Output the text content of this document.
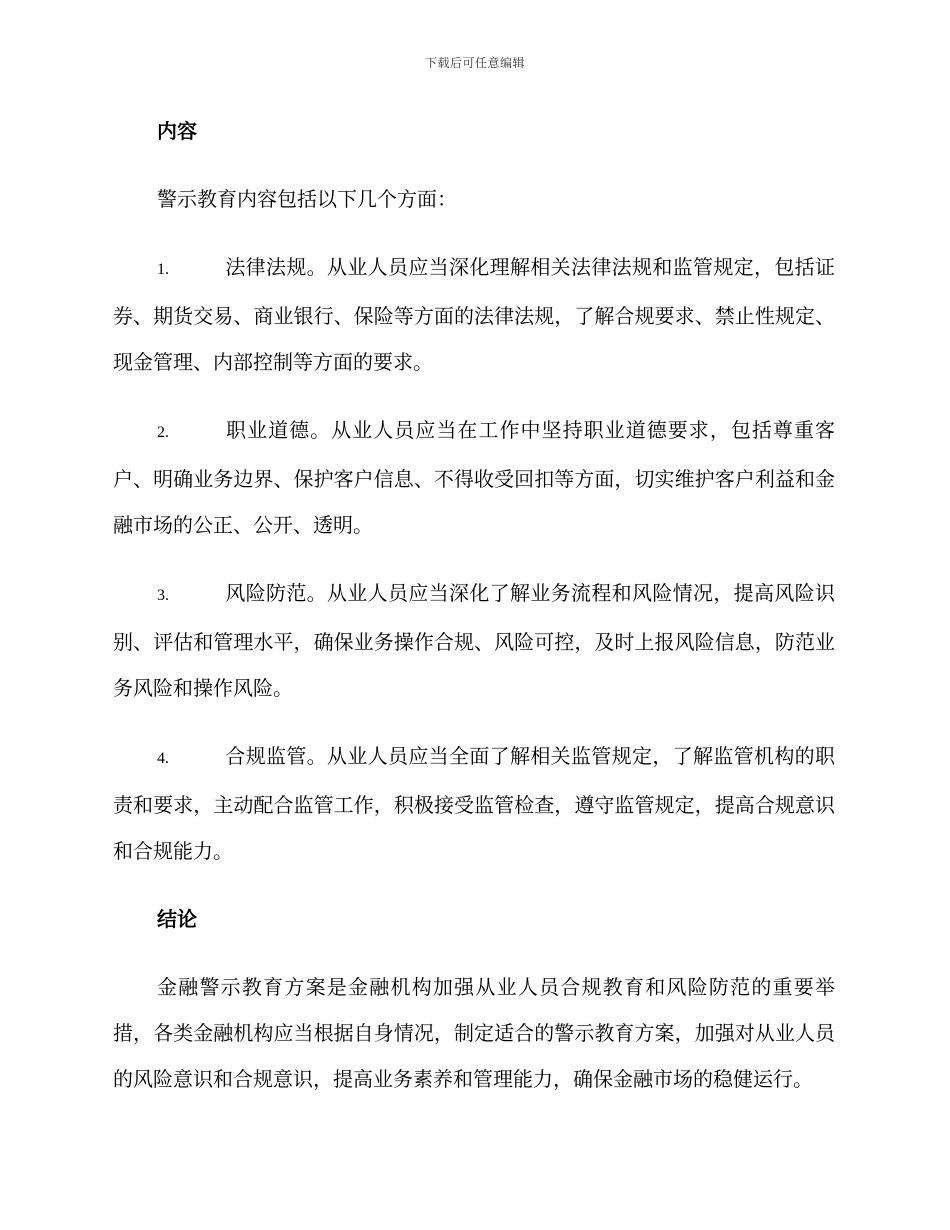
下载后可任意编辑
内容

警示教育内容包括以下几个方面：

1.	法律法规。从业人员应当深化理解相关法律法规和监管规定，包括证券、期货交易、商业银行、保险等方面的法律法规，了解合规要求、禁止性规定、现金管理、内部控制等方面的要求。

2.	职业道德。从业人员应当在工作中坚持职业道德要求，包括尊重客户、明确业务边界、保护客户信息、不得收受回扣等方面，切实维护客户利益和金融市场的公正、公开、透明。

3.	风险防范。从业人员应当深化了解业务流程和风险情况，提高风险识别、评估和管理水平，确保业务操作合规、风险可控，及时上报风险信息，防范业务风险和操作风险。

4.	合规监管。从业人员应当全面了解相关监管规定，了解监管机构的职责和要求，主动配合监管工作，积极接受监管检查，遵守监管规定，提高合规意识和合规能力。

结论

金融警示教育方案是金融机构加强从业人员合规教育和风险防范的重要举措，各类金融机构应当根据自身情况，制定适合的警示教育方案，加强对从业人员的风险意识和合规意识，提高业务素养和管理能力，确保金融市场的稳健运行。
